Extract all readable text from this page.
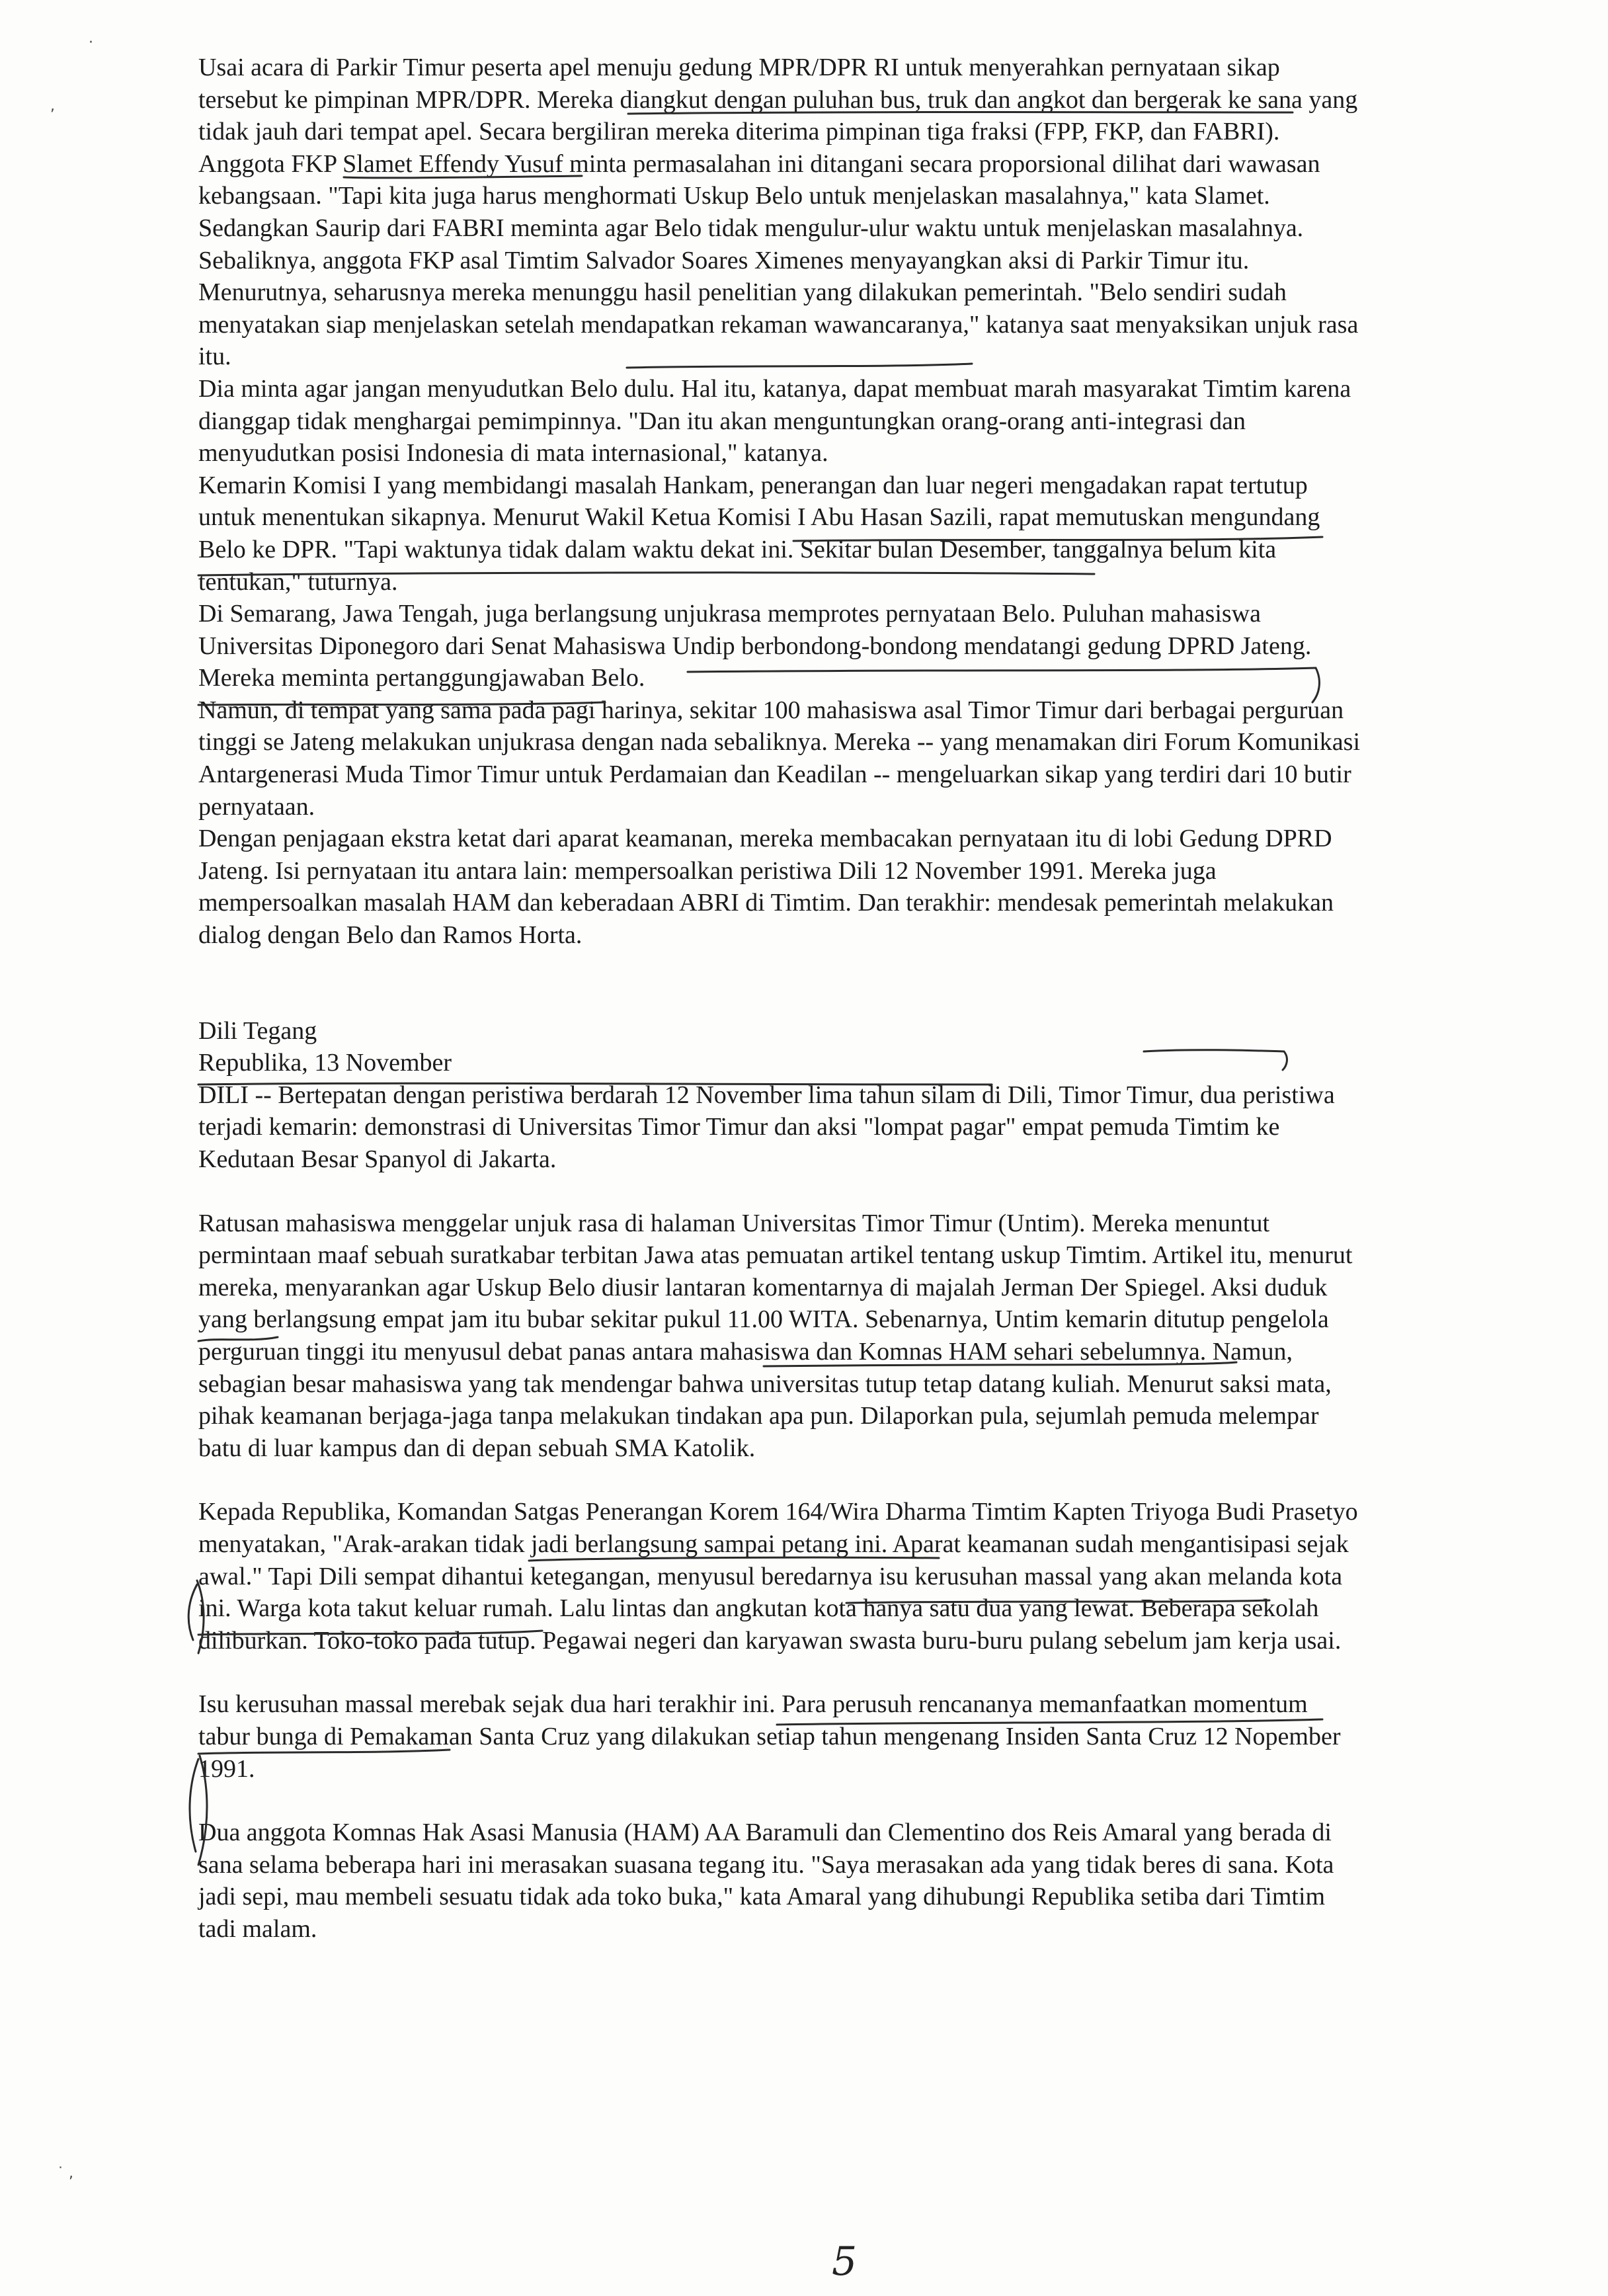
·
,
˙ ,

Usai acara di Parkir Timur peserta apel menuju gedung MPR/DPR RI untuk menyerahkan pernyataan sikap tersebut ke pimpinan MPR/DPR. Mereka diangkut dengan puluhan bus, truk dan angkot dan bergerak ke sana yang tidak jauh dari tempat apel. Secara bergiliran mereka diterima pimpinan tiga fraksi (FPP, FKP, dan FABRI).

Anggota FKP Slamet Effendy Yusuf minta permasalahan ini ditangani secara proporsional dilihat dari wawasan kebangsaan. "Tapi kita juga harus menghormati Uskup Belo untuk menjelaskan masalahnya," kata Slamet.

Sedangkan Saurip dari FABRI meminta agar Belo tidak mengulur-ulur waktu untuk menjelaskan masalahnya.

Sebaliknya, anggota FKP asal Timtim Salvador Soares Ximenes menyayangkan aksi di Parkir Timur itu. Menurutnya, seharusnya mereka menunggu hasil penelitian yang dilakukan pemerintah. "Belo sendiri sudah menyatakan siap menjelaskan setelah mendapatkan rekaman wawancaranya," katanya saat menyaksikan unjuk rasa itu.

Dia minta agar jangan menyudutkan Belo dulu. Hal itu, katanya, dapat membuat marah masyarakat Timtim karena dianggap tidak menghargai pemimpinnya. "Dan itu akan menguntungkan orang-orang anti-integrasi dan menyudutkan posisi Indonesia di mata internasional," katanya.

Kemarin Komisi I yang membidangi masalah Hankam, penerangan dan luar negeri mengadakan rapat tertutup untuk menentukan sikapnya. Menurut Wakil Ketua Komisi I Abu Hasan Sazili, rapat memutuskan mengundang Belo ke DPR. "Tapi waktunya tidak dalam waktu dekat ini. Sekitar bulan Desember, tanggalnya belum kita tentukan," tuturnya.

Di Semarang, Jawa Tengah, juga berlangsung unjukrasa memprotes pernyataan Belo. Puluhan mahasiswa Universitas Diponegoro dari Senat Mahasiswa Undip berbondong-bondong mendatangi gedung DPRD Jateng. Mereka meminta pertanggungjawaban Belo.

Namun, di tempat yang sama pada pagi harinya, sekitar 100 mahasiswa asal Timor Timur dari berbagai perguruan tinggi se Jateng melakukan unjukrasa dengan nada sebaliknya. Mereka -- yang menamakan diri Forum Komunikasi Antargenerasi Muda Timor Timur untuk Perdamaian dan Keadilan -- mengeluarkan sikap yang terdiri dari 10 butir pernyataan.

Dengan penjagaan ekstra ketat dari aparat keamanan, mereka membacakan pernyataan itu di lobi Gedung DPRD Jateng. Isi pernyataan itu antara lain: mempersoalkan peristiwa Dili 12 November 1991. Mereka juga mempersoalkan masalah HAM dan keberadaan ABRI di Timtim. Dan terakhir: mendesak pemerintah melakukan dialog dengan Belo dan Ramos Horta.

Dili Tegang

Republika, 13 November

DILI -- Bertepatan dengan peristiwa berdarah 12 November lima tahun silam di Dili, Timor Timur, dua peristiwa terjadi kemarin: demonstrasi di Universitas Timor Timur dan aksi "lompat pagar" empat pemuda Timtim ke Kedutaan Besar Spanyol di Jakarta.

Ratusan mahasiswa menggelar unjuk rasa di halaman Universitas Timor Timur (Untim). Mereka menuntut permintaan maaf sebuah suratkabar terbitan Jawa atas pemuatan artikel tentang uskup Timtim. Artikel itu, menurut mereka, menyarankan agar Uskup Belo diusir lantaran komentarnya di majalah Jerman Der Spiegel. Aksi duduk yang berlangsung empat jam itu bubar sekitar pukul 11.00 WITA. Sebenarnya, Untim kemarin ditutup pengelola perguruan tinggi itu menyusul debat panas antara mahasiswa dan Komnas HAM sehari sebelumnya. Namun, sebagian besar mahasiswa yang tak mendengar bahwa universitas tutup tetap datang kuliah. Menurut saksi mata, pihak keamanan berjaga-jaga tanpa melakukan tindakan apa pun. Dilaporkan pula, sejumlah pemuda melempar batu di luar kampus dan di depan sebuah SMA Katolik.

Kepada Republika, Komandan Satgas Penerangan Korem 164/Wira Dharma Timtim Kapten Triyoga Budi Prasetyo menyatakan, "Arak-arakan tidak jadi berlangsung sampai petang ini. Aparat keamanan sudah mengantisipasi sejak awal." Tapi Dili sempat dihantui ketegangan, menyusul beredarnya isu kerusuhan massal yang akan melanda kota ini. Warga kota takut keluar rumah. Lalu lintas dan angkutan kota hanya satu dua yang lewat. Beberapa sekolah diliburkan. Toko-toko pada tutup. Pegawai negeri dan karyawan swasta buru-buru pulang sebelum jam kerja usai.

Isu kerusuhan massal merebak sejak dua hari terakhir ini. Para perusuh rencananya memanfaatkan momentum tabur bunga di Pemakaman Santa Cruz yang dilakukan setiap tahun mengenang Insiden Santa Cruz 12 Nopember 1991.

Dua anggota Komnas Hak Asasi Manusia (HAM) AA Baramuli dan Clementino dos Reis Amaral yang berada di sana selama beberapa hari ini merasakan suasana tegang itu. "Saya merasakan ada yang tidak beres di sana. Kota jadi sepi, mau membeli sesuatu tidak ada toko buka," kata Amaral yang dihubungi Republika setiba dari Timtim tadi malam.

5
